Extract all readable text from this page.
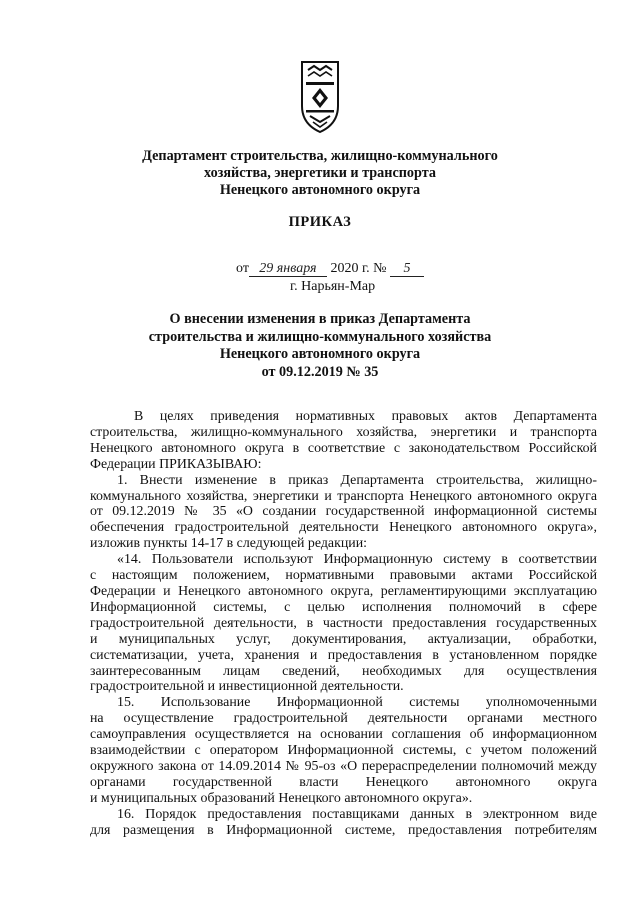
Департамент строительства, жилищно-коммунального
хозяйства, энергетики и транспорта
Ненецкого автономного округа
ПРИКАЗ
от 29 января 2020 г. № 5
г. Нарьян-Мар
О внесении изменения в приказ Департамента
строительства и жилищно-коммунального хозяйства
Ненецкого автономного округа
от 09.12.2019 № 35
В целях приведения нормативных правовых актов Департамента
строительства, жилищно-коммунального хозяйства, энергетики и транспорта
Ненецкого автономного округа в соответствие с законодательством Российской
Федерации ПРИКАЗЫВАЮ:
1. Внести изменение в приказ Департамента строительства, жилищно-
коммунального хозяйства, энергетики и транспорта Ненецкого автономного округа
от 09.12.2019 № 35 «О создании государственной информационной системы
обеспечения градостроительной деятельности Ненецкого автономного округа»,
изложив пункты 14-17 в следующей редакции:
«14. Пользователи используют Информационную систему в соответствии
с настоящим положением, нормативными правовыми актами Российской
Федерации и Ненецкого автономного округа, регламентирующими эксплуатацию
Информационной системы, с целью исполнения полномочий в сфере
градостроительной деятельности, в частности предоставления государственных
и муниципальных услуг, документирования, актуализации, обработки,
систематизации, учета, хранения и предоставления в установленном порядке
заинтересованным лицам сведений, необходимых для осуществления
градостроительной и инвестиционной деятельности.
15. Использование Информационной системы уполномоченными
на осуществление градостроительной деятельности органами местного
самоуправления осуществляется на основании соглашения об информационном
взаимодействии с оператором Информационной системы, с учетом положений
окружного закона от 14.09.2014 № 95-оз «О перераспределении полномочий между
органами государственной власти Ненецкого автономного округа
и муниципальных образований Ненецкого автономного округа».
16. Порядок предоставления поставщиками данных в электронном виде
для размещения в Информационной системе, предоставления потребителям
